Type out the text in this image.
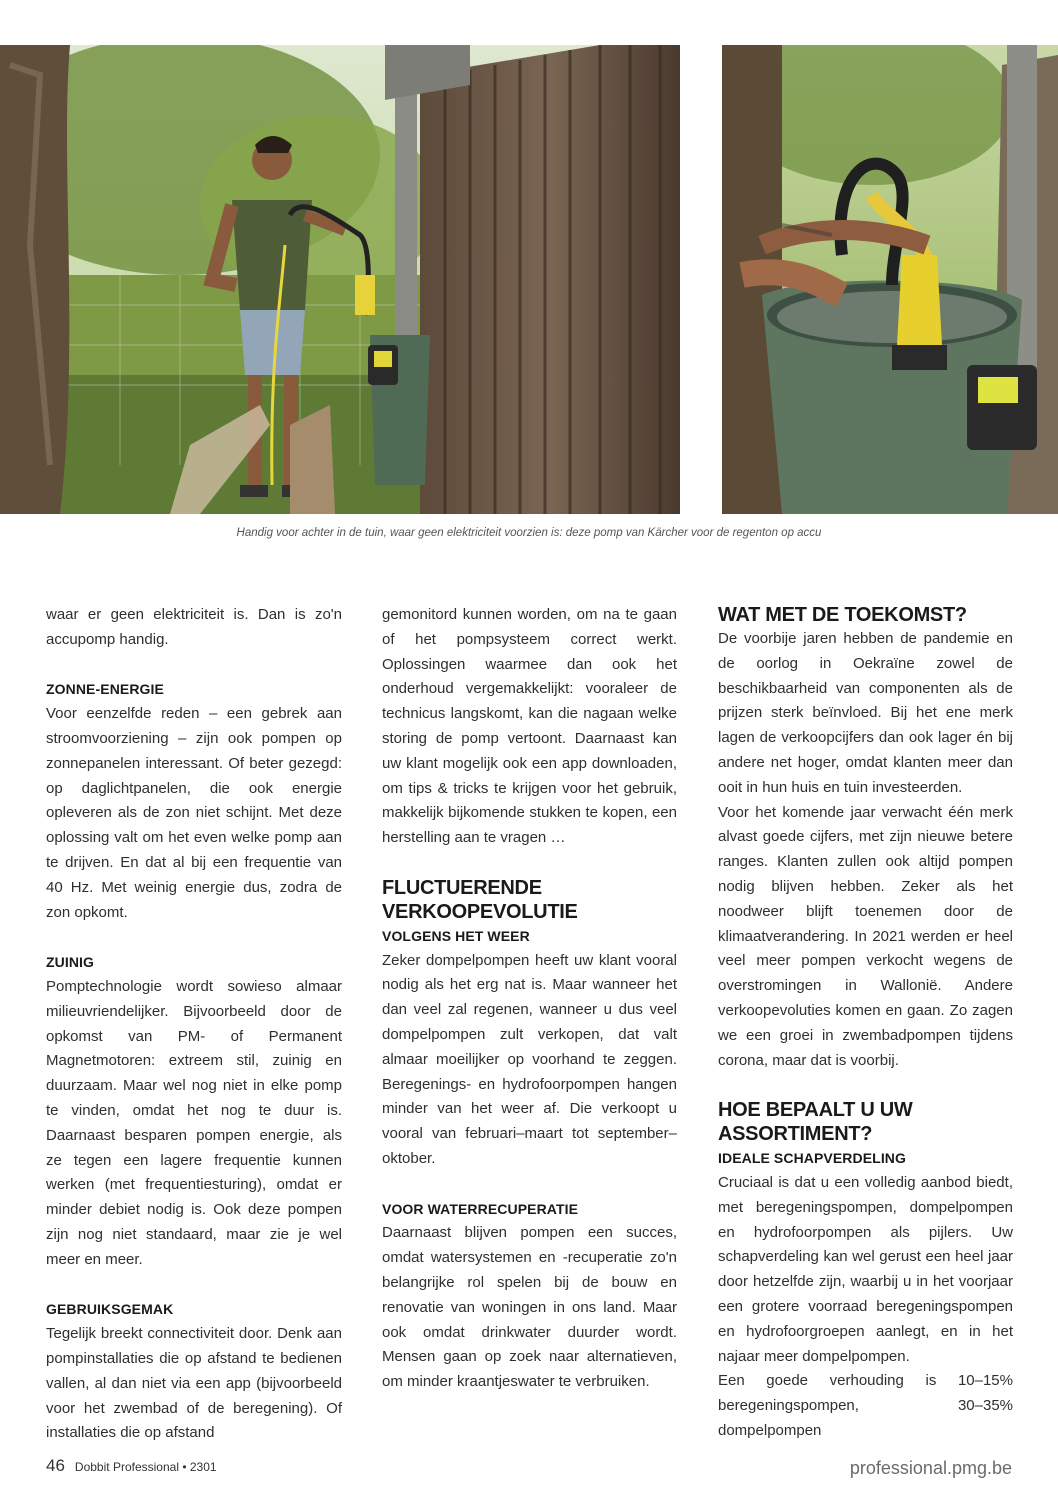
Handig voor achter in de tuin, waar geen elektriciteit voorzien is: deze pomp van Kärcher voor de regenton op accu

waar er geen elektriciteit is. Dan is zo'n accupomp handig.

ZONNE-ENERGIE

Voor eenzelfde reden – een gebrek aan stroomvoorziening – zijn ook pompen op zonnepanelen interessant. Of beter gezegd: op daglichtpanelen, die ook energie opleveren als de zon niet schijnt. Met deze oplossing valt om het even welke pomp aan te drijven. En dat al bij een frequentie van 40 Hz. Met weinig energie dus, zodra de zon opkomt.

ZUINIG

Pomptechnologie wordt sowieso almaar milieuvriendelijker. Bijvoorbeeld door de opkomst van PM- of Permanent Magnetmotoren: extreem stil, zuinig en duurzaam. Maar wel nog niet in elke pomp te vinden, omdat het nog te duur is. Daarnaast besparen pompen energie, als ze tegen een lagere frequentie kunnen werken (met frequentiesturing), omdat er minder debiet nodig is. Ook deze pompen zijn nog niet standaard, maar zie je wel meer en meer.

GEBRUIKSGEMAK

Tegelijk breekt connectiviteit door. Denk aan pompinstallaties die op afstand te bedienen vallen, al dan niet via een app (bijvoorbeeld voor het zwembad of de beregening). Of installaties die op afstand

gemonitord kunnen worden, om na te gaan of het pompsysteem correct werkt. Oplossingen waarmee dan ook het onderhoud vergemakkelijkt: vooraleer de technicus langskomt, kan die nagaan welke storing de pomp vertoont. Daarnaast kan uw klant mogelijk ook een app downloaden, om tips & tricks te krijgen voor het gebruik, makkelijk bijkomende stukken te kopen, een herstelling aan te vragen …

FLUCTUERENDE

VERKOOPEVOLUTIE

VOLGENS HET WEER

Zeker dompelpompen heeft uw klant vooral nodig als het erg nat is. Maar wanneer het dan veel zal regenen, wanneer u dus veel dompelpompen zult verkopen, dat valt almaar moeilijker op voorhand te zeggen. Beregenings- en hydrofoorpompen hangen minder van het weer af. Die verkoopt u vooral van februari–maart tot september–oktober.

VOOR WATERRECUPERATIE

Daarnaast blijven pompen een succes, omdat watersystemen en -recuperatie zo'n belangrijke rol spelen bij de bouw en renovatie van woningen in ons land. Maar ook omdat drinkwater duurder wordt. Mensen gaan op zoek naar alternatieven, om minder kraantjeswater te verbruiken.

WAT MET DE TOEKOMST?

De voorbije jaren hebben de pandemie en de oorlog in Oekraïne zowel de beschikbaarheid van componenten als de prijzen sterk beïnvloed. Bij het ene merk lagen de verkoopcijfers dan ook lager én bij andere net hoger, omdat klanten meer dan ooit in hun huis en tuin investeerden.

Voor het komende jaar verwacht één merk alvast goede cijfers, met zijn nieuwe betere ranges. Klanten zullen ook altijd pompen nodig blijven hebben. Zeker als het noodweer blijft toenemen door de klimaatverandering. In 2021 werden er heel veel meer pompen verkocht wegens de overstromingen in Wallonië. Andere verkoopevoluties komen en gaan. Zo zagen we een groei in zwembadpompen tijdens corona, maar dat is voorbij.

HOE BEPAALT U UW

ASSORTIMENT?

IDEALE SCHAPVERDELING

Cruciaal is dat u een volledig aanbod biedt, met beregeningspompen, dompelpompen en hydrofoorpompen als pijlers. Uw schapverdeling kan wel gerust een heel jaar door hetzelfde zijn, waarbij u in het voorjaar een grotere voorraad beregeningspompen en hydrofoorgroepen aanlegt, en in het najaar meer dompelpompen.

Een goede verhouding is 10–15% beregeningspompen, 30–35% dompelpompen

46 Dobbit Professional • 2301	professional.pmg.be
